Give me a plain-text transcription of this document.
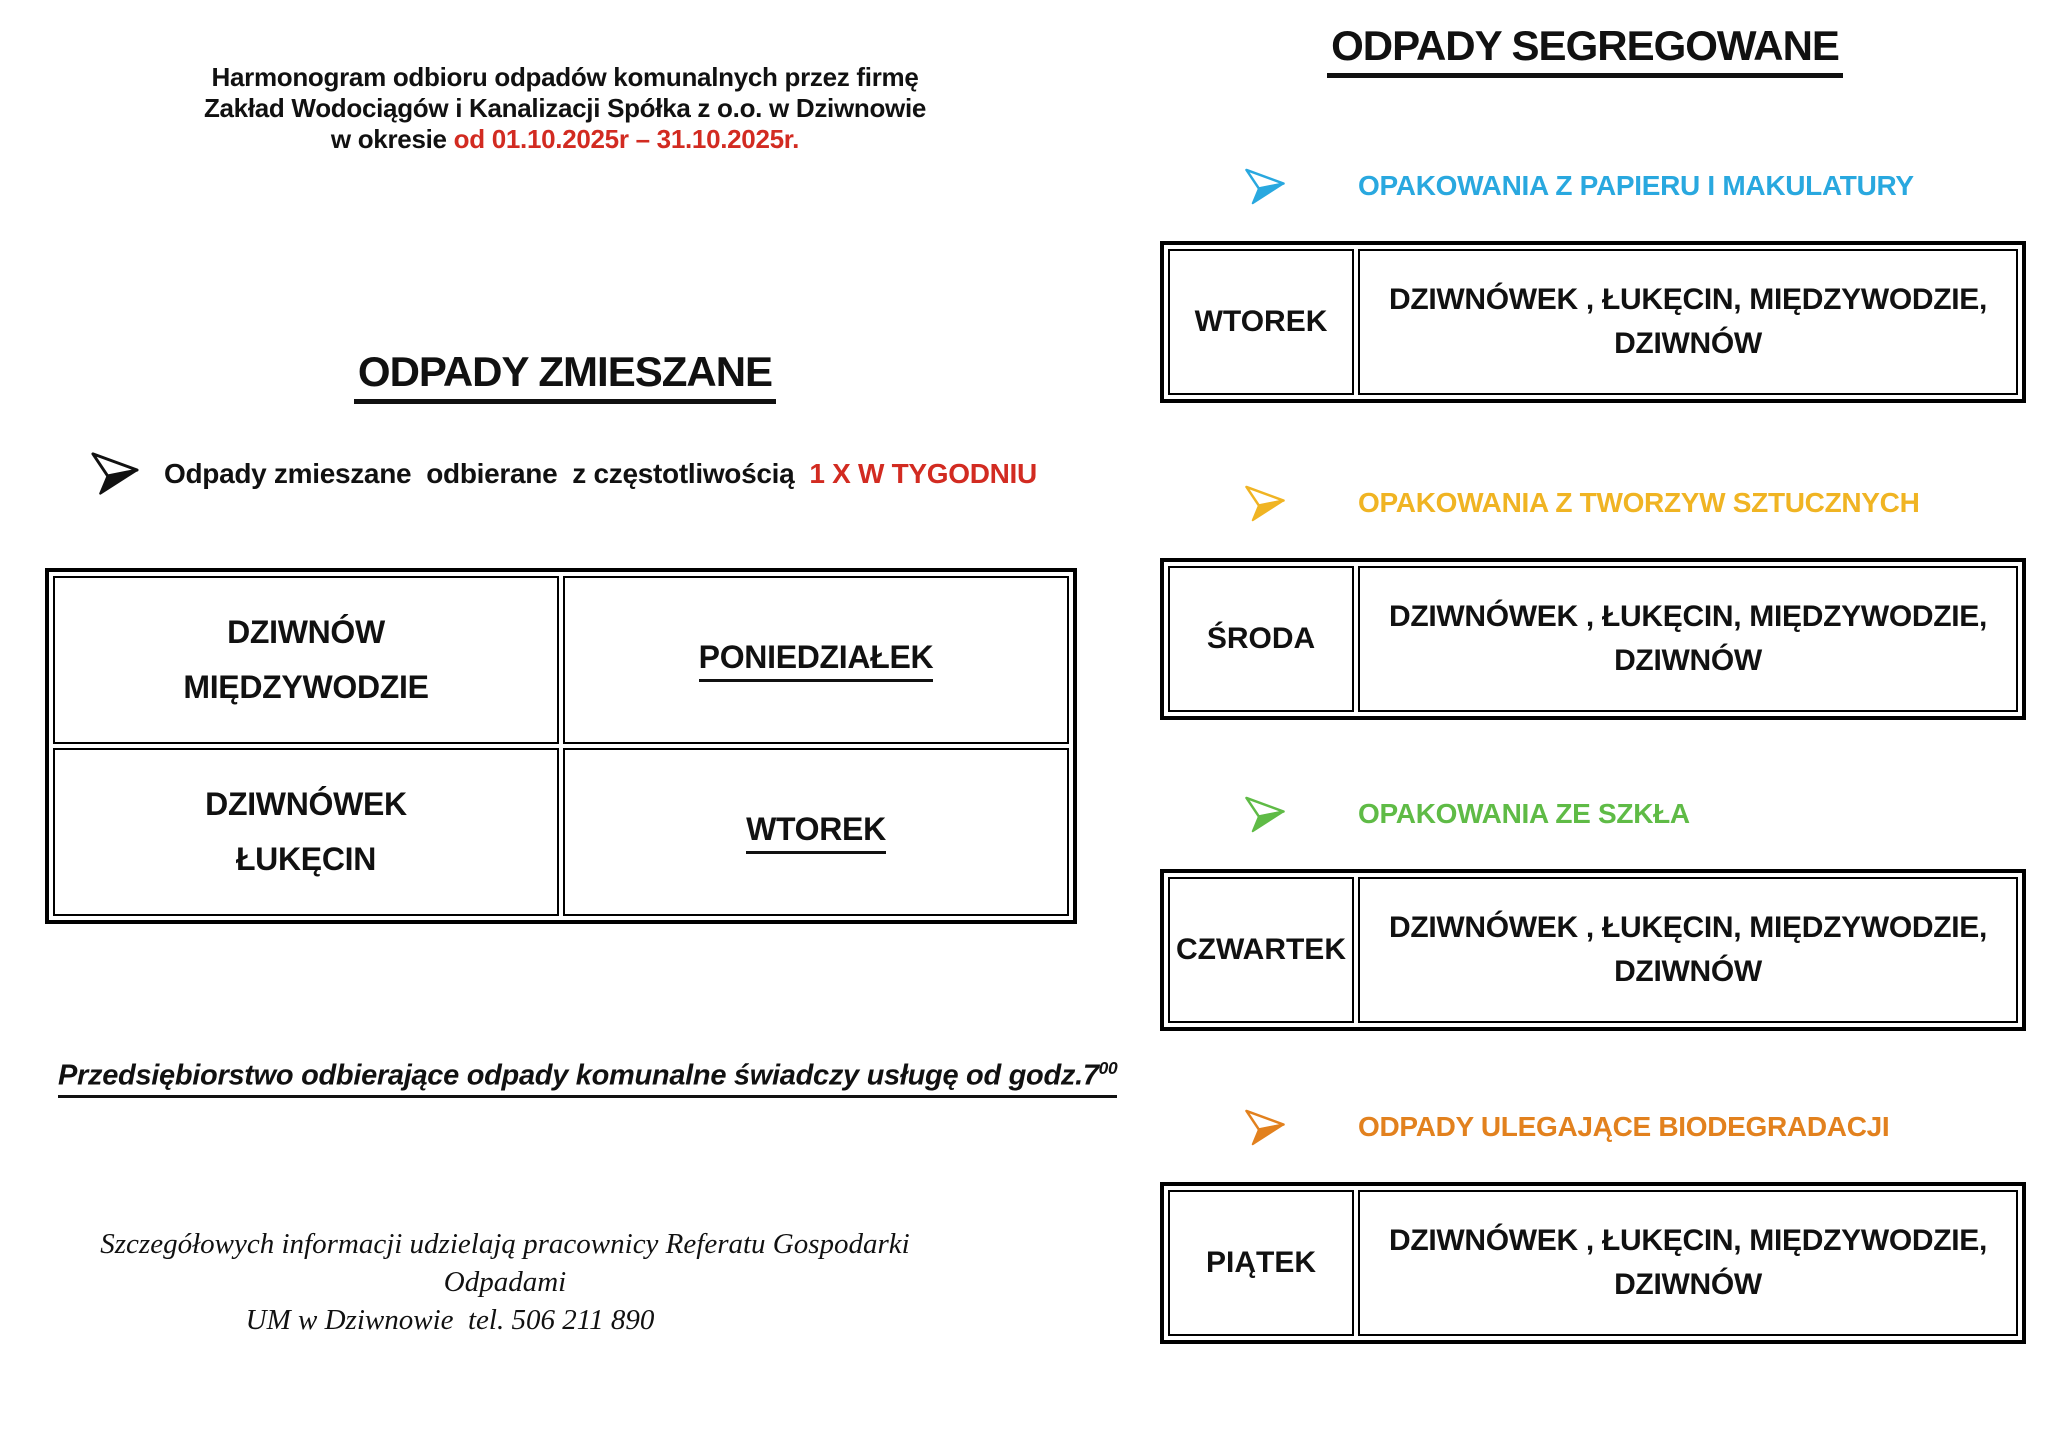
Harmonogram odbioru odpadów komunalnych przez firmę
Zakład Wodociągów i Kanalizacji Spółka z o.o. w Dziwnowie
w okresie od 01.10.2025r – 31.10.2025r.
ODPADY ZMIESZANE
Odpady zmieszane  odbierane  z częstotliwością  1 X W TYGODNIU
DZIWNÓW
MIĘDZYWODZIE	PONIEDZIAŁEK

DZIWNÓWEK
ŁUKĘCIN	WTOREK
Przedsiębiorstwo odbierające odpady komunalne świadczy usługę od $godz.7^{00}$
Szczegółowych informacji udzielają pracownicy Referatu Gospodarki Odpadami
UM w Dziwnowie  tel. 506 211 890
ODPADY SEGREGOWANE
OPAKOWANIA Z PAPIERU I MAKULATURY
WTOREK	DZIWNÓWEK , ŁUKĘCIN, MIĘDZYWODZIE, DZIWNÓW
OPAKOWANIA Z TWORZYW SZTUCZNYCH
ŚRODA	DZIWNÓWEK , ŁUKĘCIN, MIĘDZYWODZIE, DZIWNÓW
OPAKOWANIA ZE SZKŁA
CZWARTEK	DZIWNÓWEK , ŁUKĘCIN, MIĘDZYWODZIE, DZIWNÓW
ODPADY ULEGAJĄCE BIODEGRADACJI
PIĄTEK	DZIWNÓWEK , ŁUKĘCIN, MIĘDZYWODZIE, DZIWNÓW
